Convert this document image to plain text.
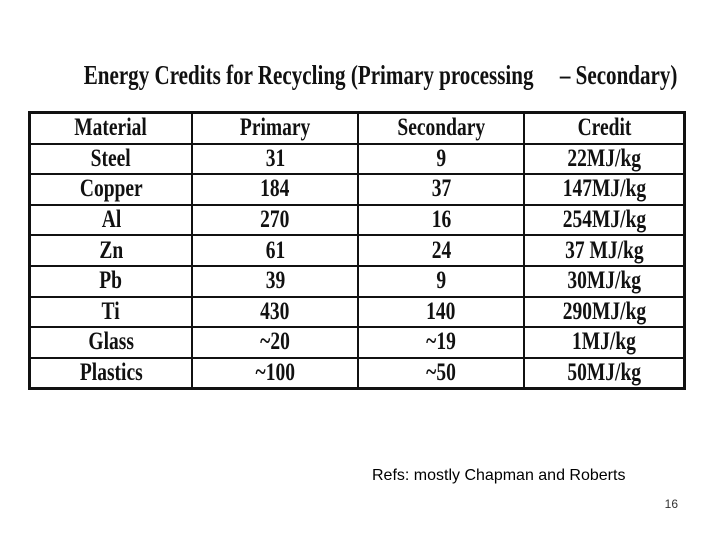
Energy Credits for Recycling (Primary processing     – Secondary)
Material	Primary	Secondary	Credit
Steel	31	9	22MJ/kg
Copper	184	37	147MJ/kg
Al	270	16	254MJ/kg
Zn	61	24	37 MJ/kg
Pb	39	9	30MJ/kg
Ti	430	140	290MJ/kg
Glass	~20	~19	1MJ/kg
Plastics	~100	~50	50MJ/kg
Refs: mostly Chapman and Roberts
16
